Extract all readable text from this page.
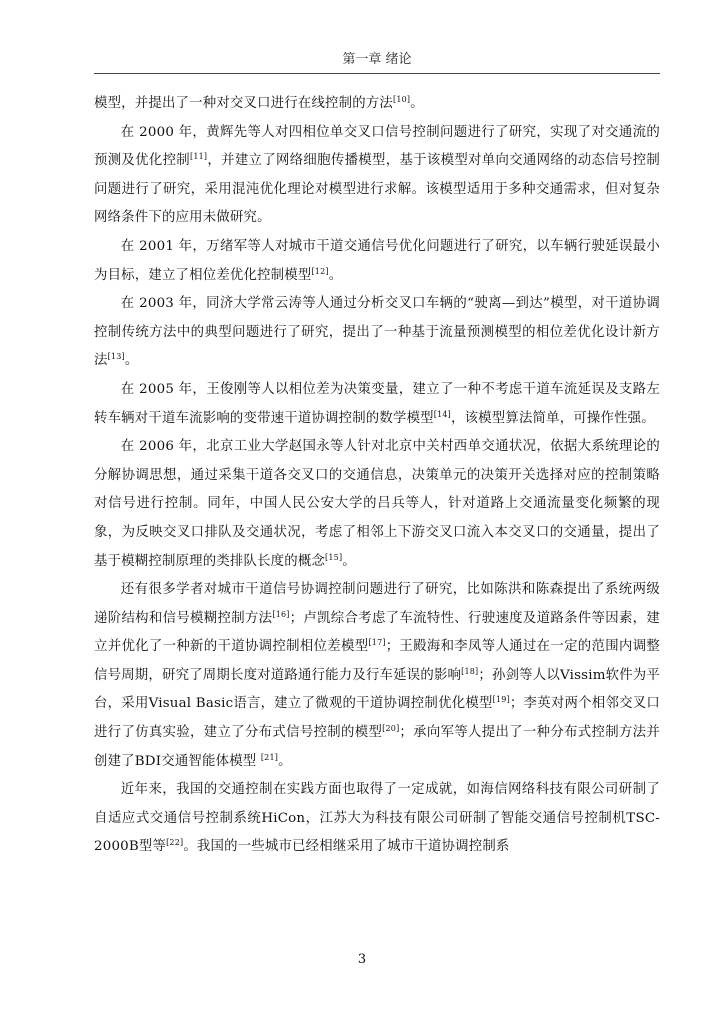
第一章 绪论

模型，并提出了一种对交叉口进行在线控制的方法[10]。

在 2000 年，黄辉先等人对四相位单交叉口信号控制问题进行了研究，实现了对交通流的预测及优化控制[11]，并建立了网络细胞传播模型，基于该模型对单向交通网络的动态信号控制问题进行了研究，采用混沌优化理论对模型进行求解。该模型适用于多种交通需求，但对复杂网络条件下的应用未做研究。

在 2001 年，万绪军等人对城市干道交通信号优化问题进行了研究，以车辆行驶延误最小为目标，建立了相位差优化控制模型[12]。

在 2003 年，同济大学常云涛等人通过分析交叉口车辆的“驶离—到达”模型，对干道协调控制传统方法中的典型问题进行了研究，提出了一种基于流量预测模型的相位差优化设计新方法[13]。

在 2005 年，王俊刚等人以相位差为决策变量，建立了一种不考虑干道车流延误及支路左转车辆对干道车流影响的变带速干道协调控制的数学模型[14]，该模型算法简单，可操作性强。

在 2006 年，北京工业大学赵国永等人针对北京中关村西单交通状况，依据大系统理论的分解协调思想，通过采集干道各交叉口的交通信息，决策单元的决策开关选择对应的控制策略对信号进行控制。同年，中国人民公安大学的吕兵等人，针对道路上交通流量变化频繁的现象，为反映交叉口排队及交通状况，考虑了相邻上下游交叉口流入本交叉口的交通量，提出了基于模糊控制原理的类排队长度的概念[15]。

还有很多学者对城市干道信号协调控制问题进行了研究，比如陈洪和陈森提出了系统两级递阶结构和信号模糊控制方法[16]；卢凯综合考虑了车流特性、行驶速度及道路条件等因素，建立并优化了一种新的干道协调控制相位差模型[17]；王殿海和李凤等人通过在一定的范围内调整信号周期，研究了周期长度对道路通行能力及行车延误的影响[18]；孙剑等人以Vissim软件为平台，采用Visual Basic语言，建立了微观的干道协调控制优化模型[19]；李英对两个相邻交叉口进行了仿真实验，建立了分布式信号控制的模型[20]；承向军等人提出了一种分布式控制方法并创建了BDI交通智能体模型 [21]。

近年来，我国的交通控制在实践方面也取得了一定成就，如海信网络科技有限公司研制了自适应式交通信号控制系统HiCon，江苏大为科技有限公司研制了智能交通信号控制机TSC-2000B型等[22]。我国的一些城市已经相继采用了城市干道协调控制系

3
